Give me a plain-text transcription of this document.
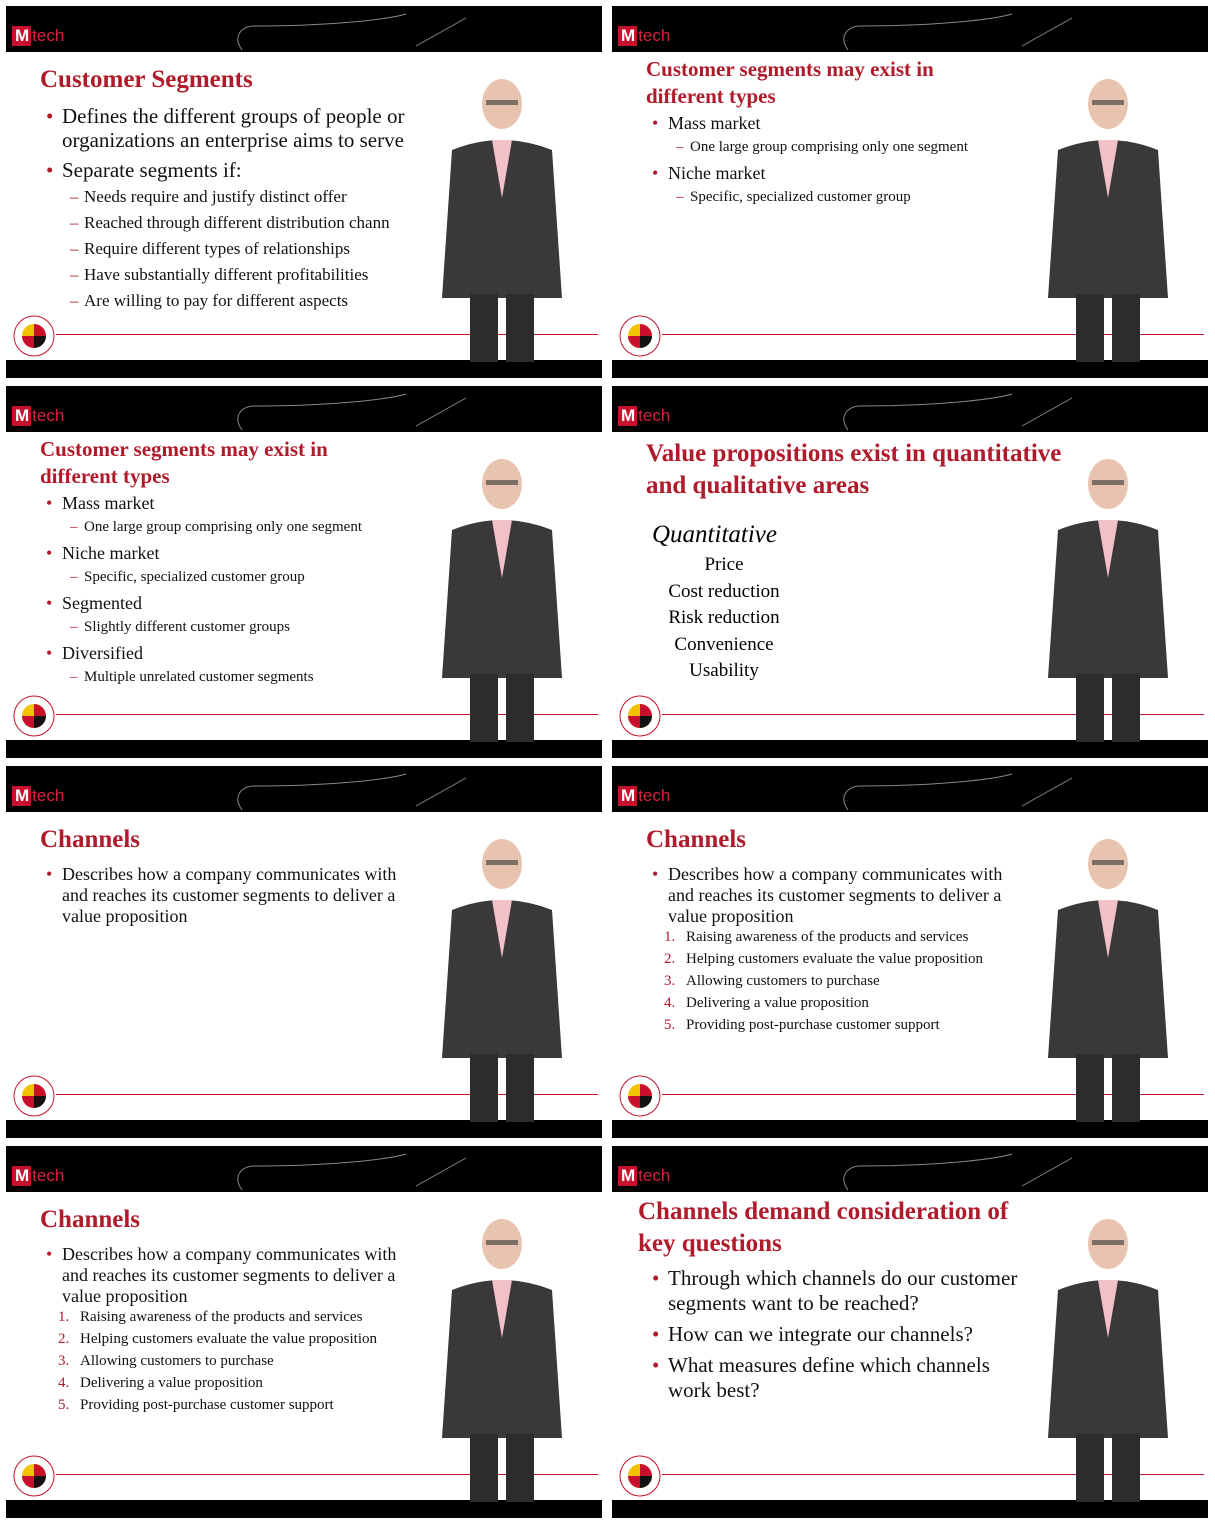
M tech
Customer Segments
• Defines the different groups of people or organizations an enterprise aims to serve
• Separate segments if:
– Needs require and justify distinct offer
– Reached through different distribution chann
– Require different types of relationships
– Have substantially different profitabilities
– Are willing to pay for different aspects
M tech
Customer segments may exist in different types
• Mass market
– One large group comprising only one segment
• Niche market
– Specific, specialized customer group
M tech
Customer segments may exist in different types
• Mass market
– One large group comprising only one segment
• Niche market
– Specific, specialized customer group
• Segmented
– Slightly different customer groups
• Diversified
– Multiple unrelated customer segments
M tech
Value propositions exist in quantitative and qualitative areas
Quantitative
Price
Cost reduction
Risk reduction
Convenience
Usability
M tech
Channels
• Describes how a company communicates with and reaches its customer segments to deliver a value proposition
M tech
Channels
• Describes how a company communicates with and reaches its customer segments to deliver a value proposition
1. Raising awareness of the products and services
2. Helping customers evaluate the value proposition
3. Allowing customers to purchase
4. Delivering a value proposition
5. Providing post-purchase customer support
M tech
Channels
• Describes how a company communicates with and reaches its customer segments to deliver a value proposition
1. Raising awareness of the products and services
2. Helping customers evaluate the value proposition
3. Allowing customers to purchase
4. Delivering a value proposition
5. Providing post-purchase customer support
M tech
Channels demand consideration of key questions
• Through which channels do our customer segments want to be reached?
• How can we integrate our channels?
• What measures define which channels work best?
